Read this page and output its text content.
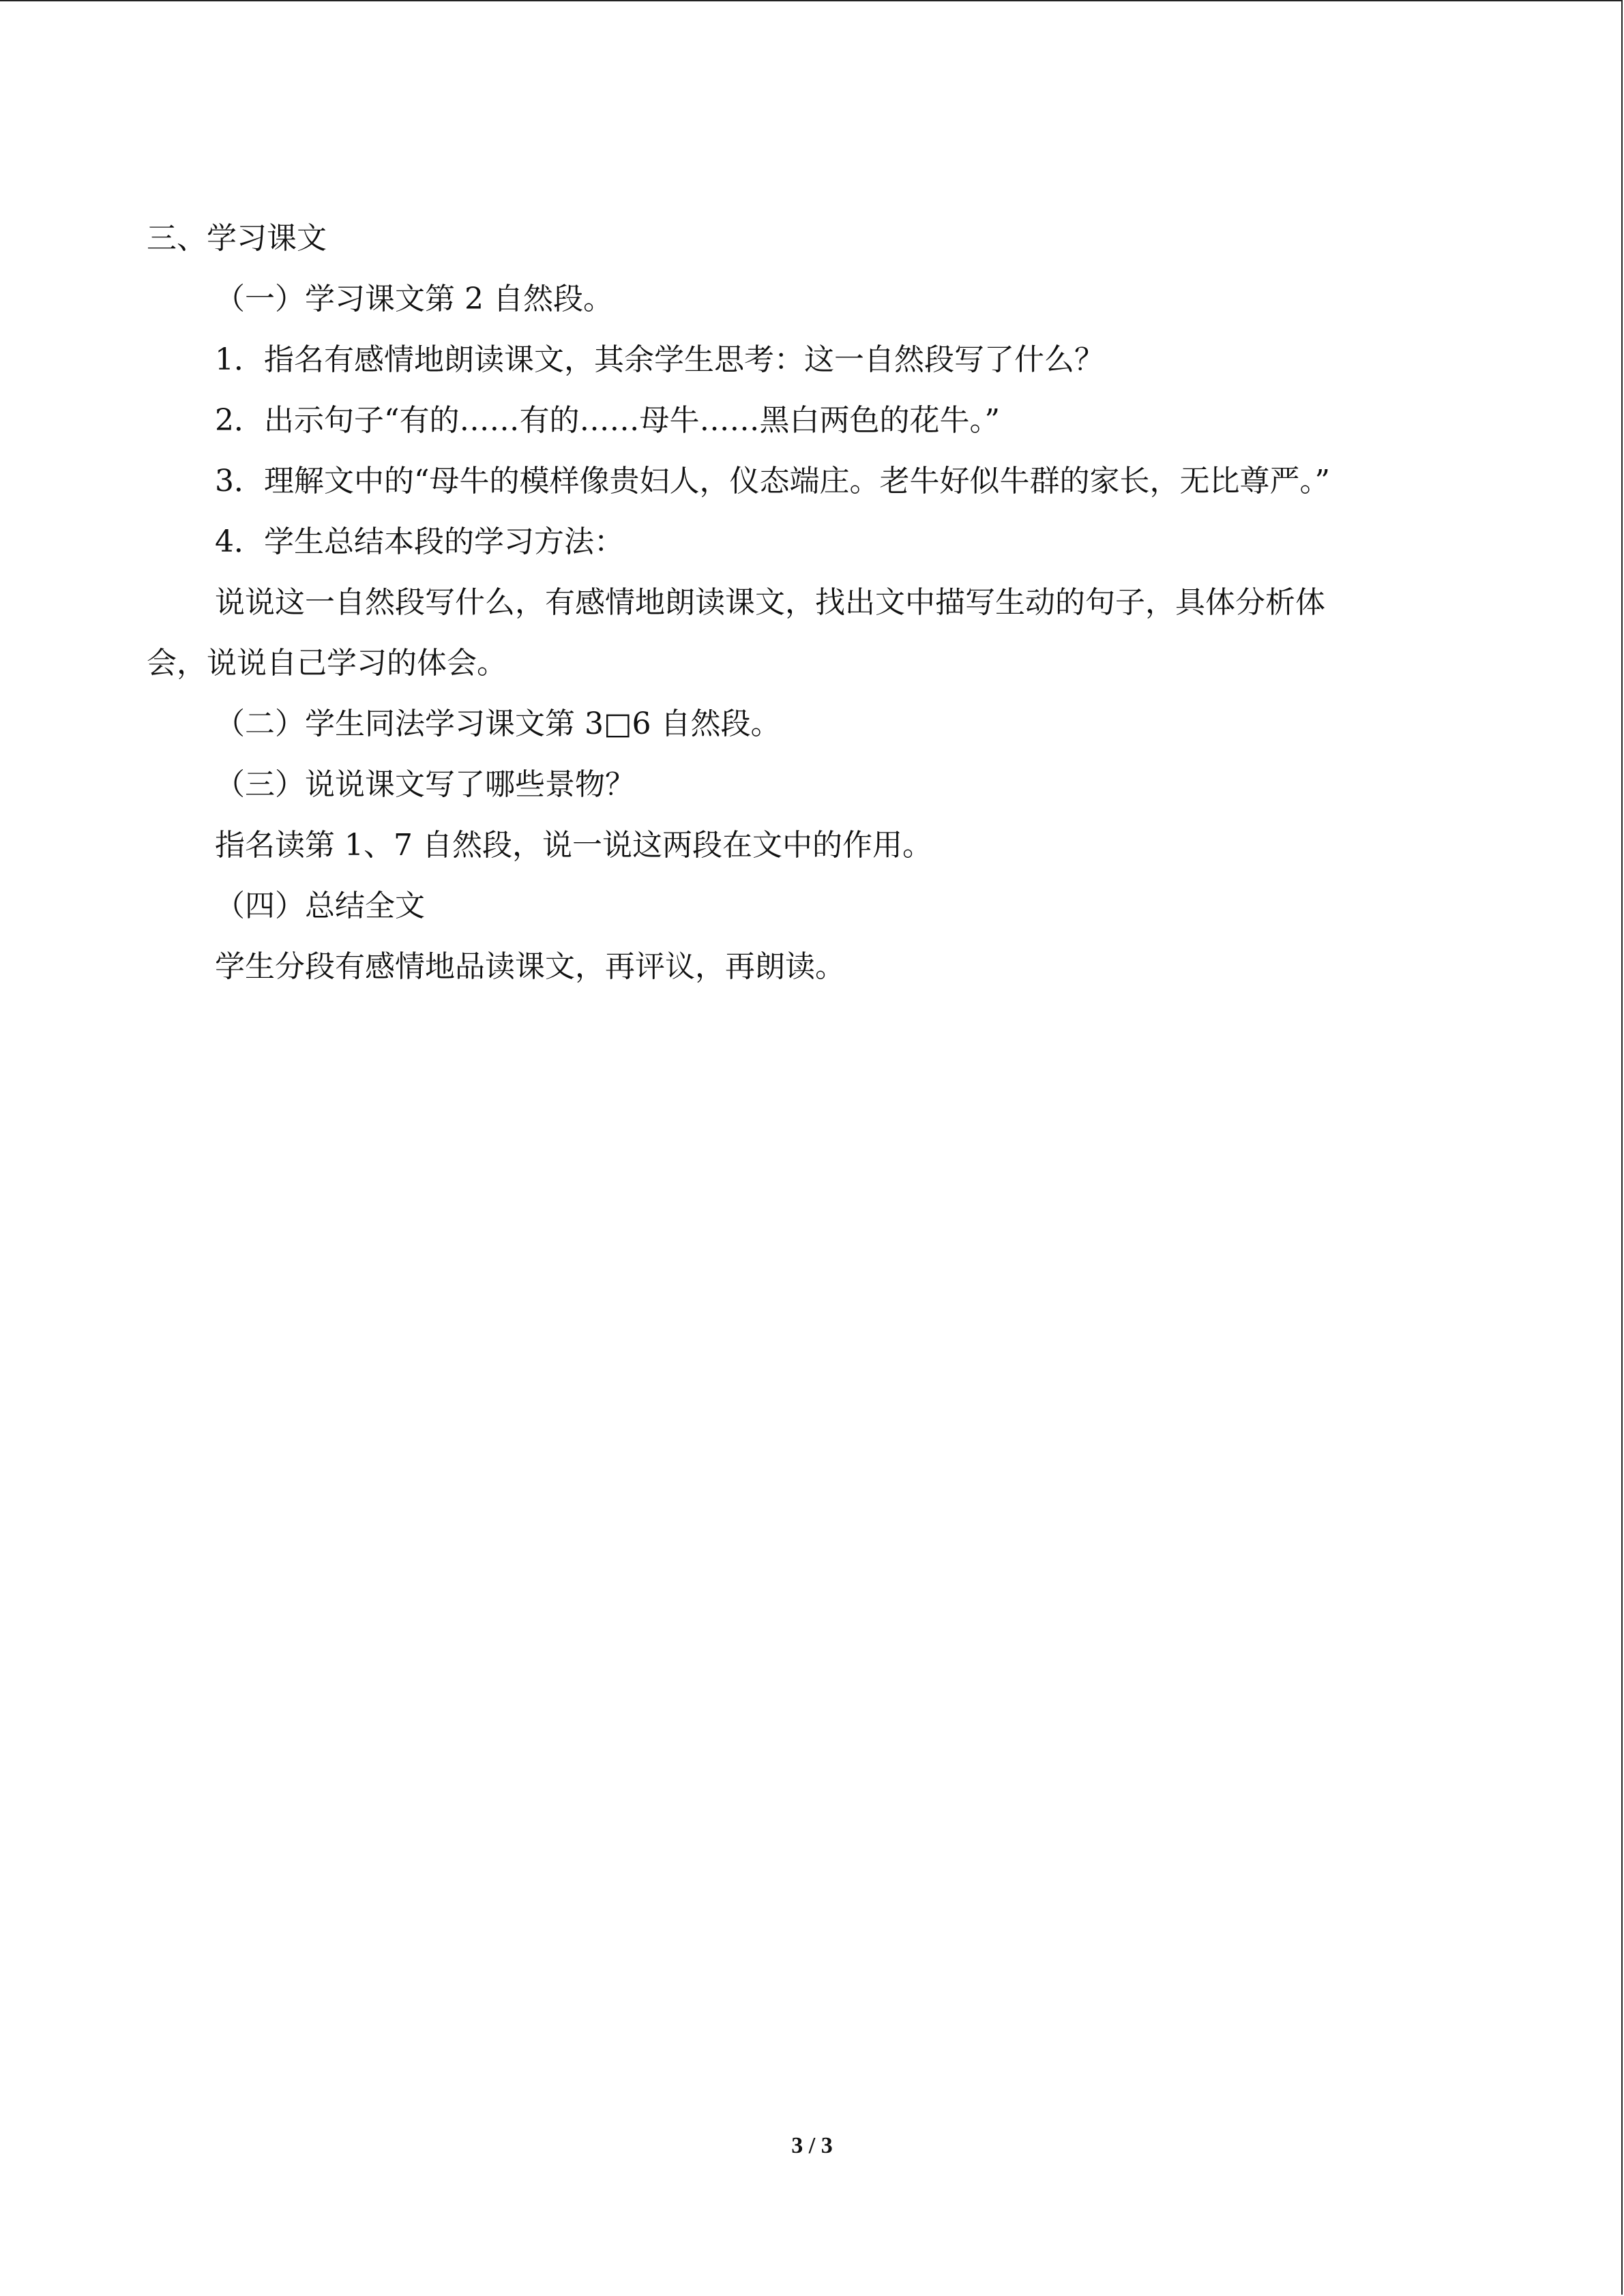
三、学习课文
（一）学习课文第 2 自然段。
1．指名有感情地朗读课文，其余学生思考：这一自然段写了什么？
2．出示句子“有的……有的……母牛……黑白两色的花牛。”
3．理解文中的“母牛的模样像贵妇人，仪态端庄。老牛好似牛群的家长，无比尊严。”
4．学生总结本段的学习方法：
说说这一自然段写什么，有感情地朗读课文，找出文中描写生动的句子，具体分析体
会，说说自己学习的体会。
（二）学生同法学习课文第 3□6 自然段。
（三）说说课文写了哪些景物？
指名读第 1、7 自然段，说一说这两段在文中的作用。
（四）总结全文
学生分段有感情地品读课文，再评议，再朗读。
3 / 3
